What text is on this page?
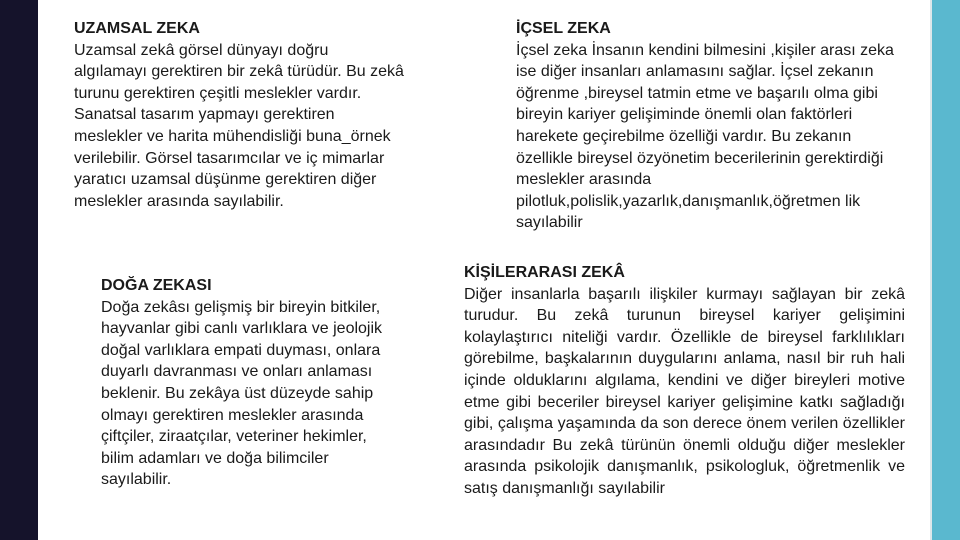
UZAMSAL ZEKA
Uzamsal zekâ görsel dünyayı doğru algılamayı gerektiren bir zekâ türüdür. Bu zekâ turunu gerektiren çeşitli meslekler vardır. Sanatsal tasarım yapmayı gerektiren meslekler ve harita mühendisliği buna_örnek verilebilir. Görsel tasarımcılar ve iç mimarlar yaratıcı uzamsal düşünme gerektiren diğer meslekler arasında sayılabilir.
DOĞA ZEKASI
Doğa zekâsı gelişmiş bir bireyin bitkiler, hayvanlar gibi canlı varlıklara ve jeolojik doğal varlıklara empati duyması, onlara duyarlı davranması ve onları anlaması beklenir. Bu zekâya üst düzeyde sahip olmayı gerektiren meslekler arasında çiftçiler, ziraatçılar, veteriner hekimler, bilim adamları ve doğa bilimciler sayılabilir.
İÇSEL ZEKA
İçsel zeka İnsanın kendini bilmesini ,kişiler arası zeka ise diğer insanları anlamasını sağlar. İçsel zekanın öğrenme ,bireysel tatmin etme ve başarılı olma gibi bireyin kariyer gelişiminde önemli olan faktörleri harekete geçirebilme özelliği vardır. Bu zekanın özellikle bireysel özyönetim becerilerinin gerektirdiği meslekler arasında pilotluk,polislik,yazarlık,danışmanlık,öğretmen lik sayılabilir
KİŞİLERARASI ZEKÂ
Diğer insanlarla başarılı ilişkiler kurmayı sağlayan bir zekâ turudur. Bu zekâ turunun bireysel kariyer gelişimini kolaylaştırıcı niteliği vardır. Özellikle de bireysel farklılıkları görebilme, başkalarının duygularını anlama, nasıl bir ruh hali içinde olduklarını algılama, kendini ve diğer bireyleri motive etme gibi beceriler bireysel kariyer gelişimine katkı sağladığı gibi, çalışma yaşamında da son derece önem verilen özellikler arasındadır Bu zekâ türünün önemli olduğu diğer meslekler arasında psikolojik danışmanlık, psikologluk, öğretmenlik ve satış danışmanlığı sayılabilir
